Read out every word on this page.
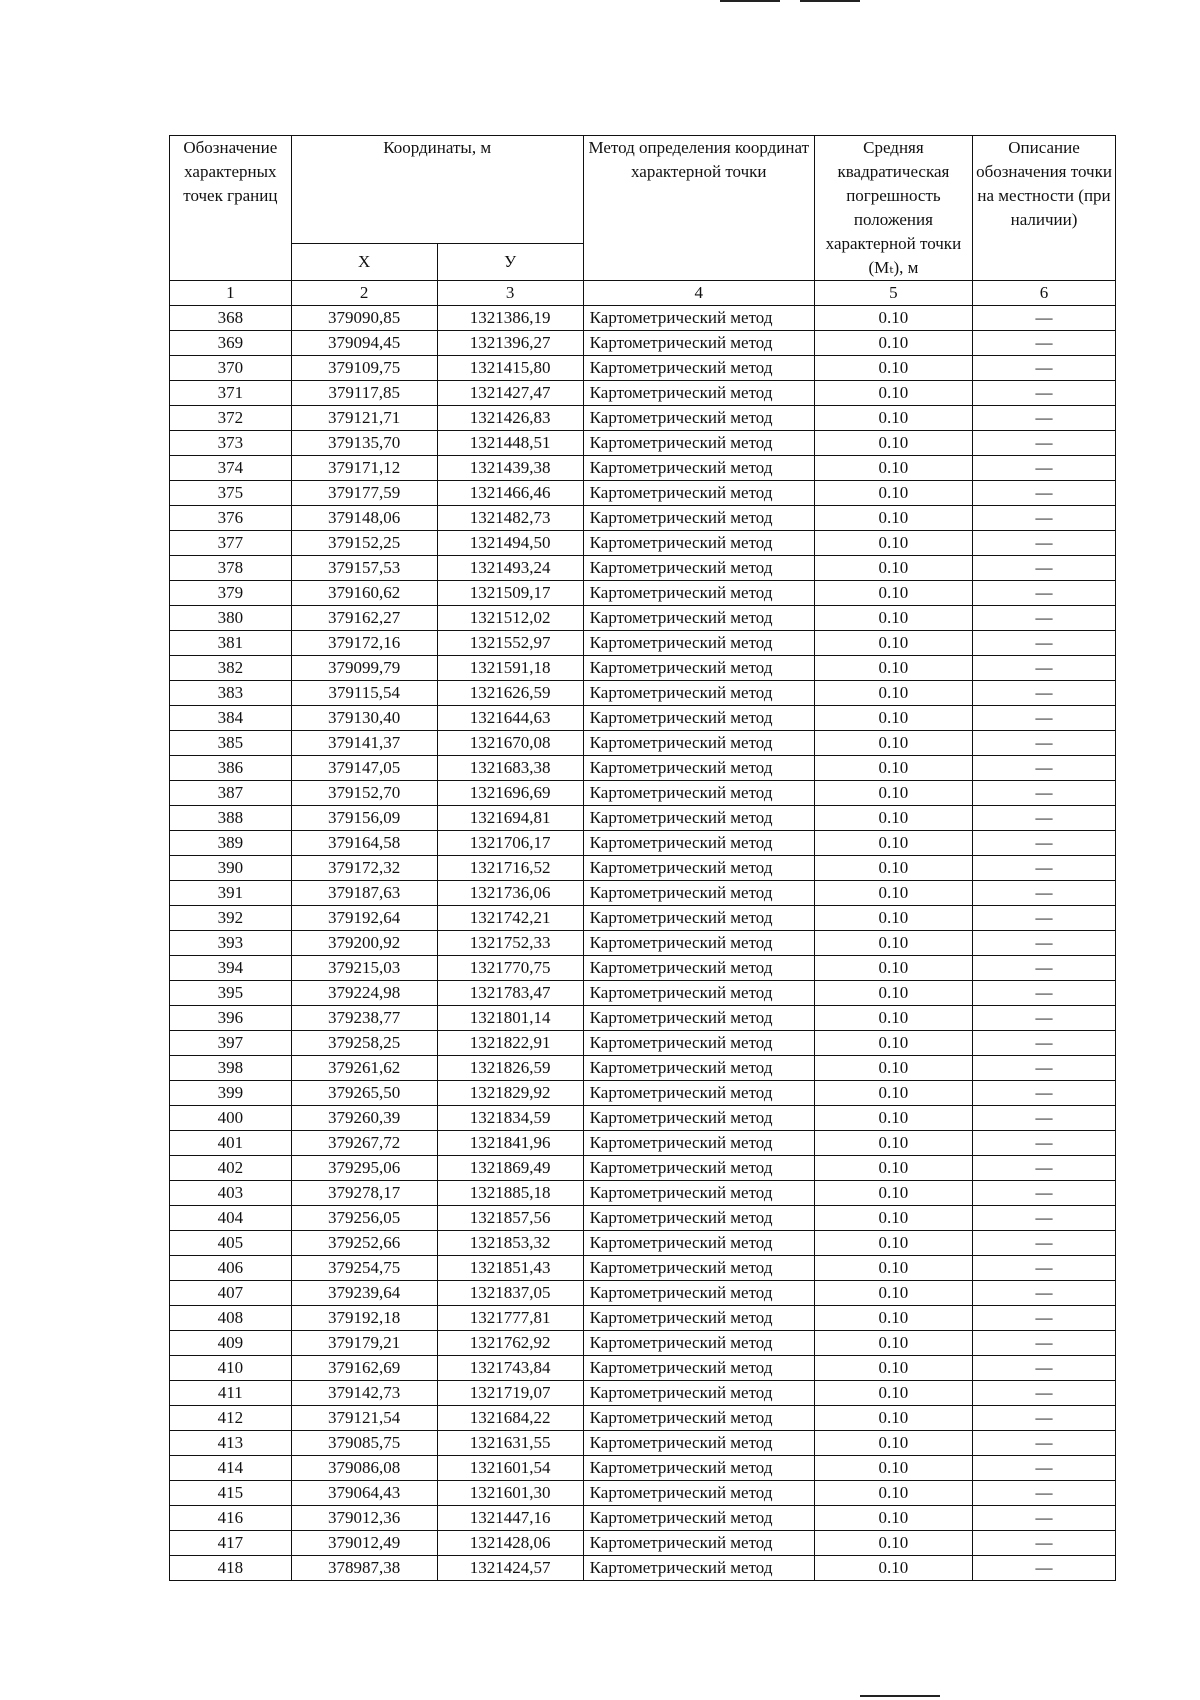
Обозначение характерных точек границ	Координаты, м		Метод определения координат характерной точки	Средняя квадратическая погрешность положения характерной точки (Mₜ), м	Описание обозначения точки на местности (при наличии)
	Х	У			
1	2	3	4	5	6
368	379090,85	1321386,19	Картометрический метод	0.10	—
369	379094,45	1321396,27	Картометрический метод	0.10	—
370	379109,75	1321415,80	Картометрический метод	0.10	—
371	379117,85	1321427,47	Картометрический метод	0.10	—
372	379121,71	1321426,83	Картометрический метод	0.10	—
373	379135,70	1321448,51	Картометрический метод	0.10	—
374	379171,12	1321439,38	Картометрический метод	0.10	—
375	379177,59	1321466,46	Картометрический метод	0.10	—
376	379148,06	1321482,73	Картометрический метод	0.10	—
377	379152,25	1321494,50	Картометрический метод	0.10	—
378	379157,53	1321493,24	Картометрический метод	0.10	—
379	379160,62	1321509,17	Картометрический метод	0.10	—
380	379162,27	1321512,02	Картометрический метод	0.10	—
381	379172,16	1321552,97	Картометрический метод	0.10	—
382	379099,79	1321591,18	Картометрический метод	0.10	—
383	379115,54	1321626,59	Картометрический метод	0.10	—
384	379130,40	1321644,63	Картометрический метод	0.10	—
385	379141,37	1321670,08	Картометрический метод	0.10	—
386	379147,05	1321683,38	Картометрический метод	0.10	—
387	379152,70	1321696,69	Картометрический метод	0.10	—
388	379156,09	1321694,81	Картометрический метод	0.10	—
389	379164,58	1321706,17	Картометрический метод	0.10	—
390	379172,32	1321716,52	Картометрический метод	0.10	—
391	379187,63	1321736,06	Картометрический метод	0.10	—
392	379192,64	1321742,21	Картометрический метод	0.10	—
393	379200,92	1321752,33	Картометрический метод	0.10	—
394	379215,03	1321770,75	Картометрический метод	0.10	—
395	379224,98	1321783,47	Картометрический метод	0.10	—
396	379238,77	1321801,14	Картометрический метод	0.10	—
397	379258,25	1321822,91	Картометрический метод	0.10	—
398	379261,62	1321826,59	Картометрический метод	0.10	—
399	379265,50	1321829,92	Картометрический метод	0.10	—
400	379260,39	1321834,59	Картометрический метод	0.10	—
401	379267,72	1321841,96	Картометрический метод	0.10	—
402	379295,06	1321869,49	Картометрический метод	0.10	—
403	379278,17	1321885,18	Картометрический метод	0.10	—
404	379256,05	1321857,56	Картометрический метод	0.10	—
405	379252,66	1321853,32	Картометрический метод	0.10	—
406	379254,75	1321851,43	Картометрический метод	0.10	—
407	379239,64	1321837,05	Картометрический метод	0.10	—
408	379192,18	1321777,81	Картометрический метод	0.10	—
409	379179,21	1321762,92	Картометрический метод	0.10	—
410	379162,69	1321743,84	Картометрический метод	0.10	—
411	379142,73	1321719,07	Картометрический метод	0.10	—
412	379121,54	1321684,22	Картометрический метод	0.10	—
413	379085,75	1321631,55	Картометрический метод	0.10	—
414	379086,08	1321601,54	Картометрический метод	0.10	—
415	379064,43	1321601,30	Картометрический метод	0.10	—
416	379012,36	1321447,16	Картометрический метод	0.10	—
417	379012,49	1321428,06	Картометрический метод	0.10	—
418	378987,38	1321424,57	Картометрический метод	0.10	—
